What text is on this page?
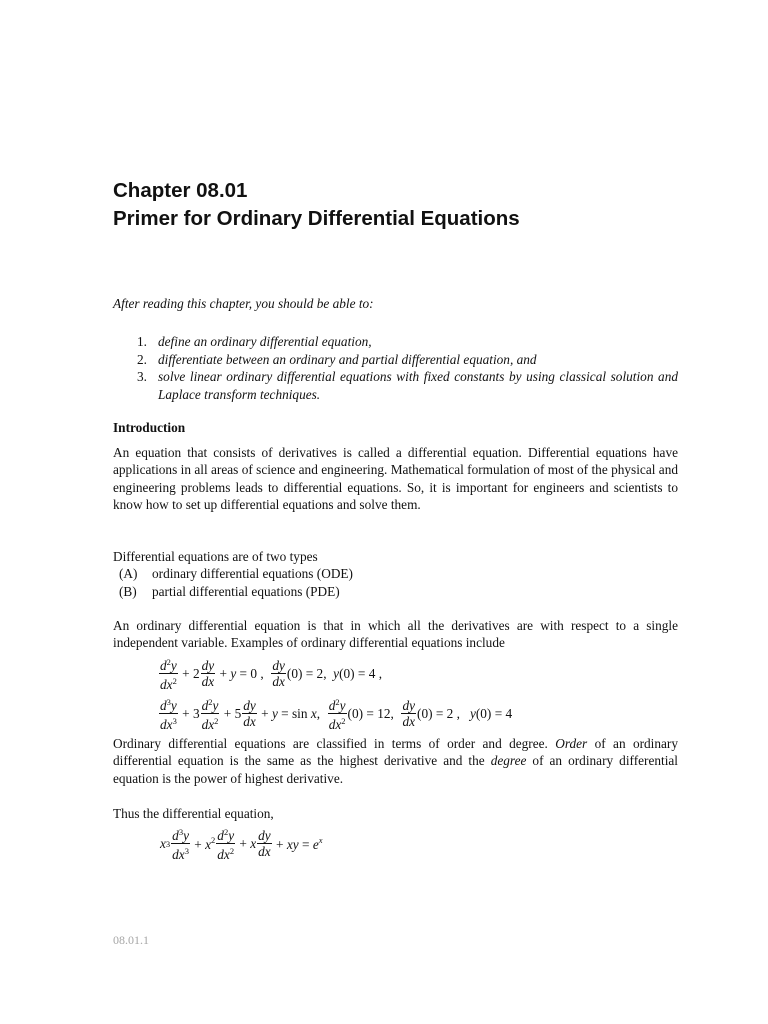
Chapter 08.01
Primer for Ordinary Differential Equations
After reading this chapter, you should be able to:
1. define an ordinary differential equation,
2. differentiate between an ordinary and partial differential equation, and
3. solve linear ordinary differential equations with fixed constants by using classical solution and Laplace transform techniques.
Introduction

An equation that consists of derivatives is called a differential equation. Differential equations have applications in all areas of science and engineering. Mathematical formulation of most of the physical and engineering problems leads to differential equations. So, it is important for engineers and scientists to know how to set up differential equations and solve them.

Differential equations are of two types
(A) ordinary differential equations (ODE)
(B) partial differential equations (PDE)

An ordinary differential equation is that in which all the derivatives are with respect to a single independent variable. Examples of ordinary differential equations include

$\frac{d^2y}{dx^2} + 2 \frac{dy}{dx} + y = 0$ , $\frac{dy}{dx} (0) = 2$,  y(0) = 4 ,
$\frac{d^3y}{dx^3} + 3 \frac{d^2y}{dx^2} + 5 \frac{dy}{dx} + y = \sin x$, $\frac{d^2y}{dx^2} (0) = 12$, $\frac{dy}{dx} (0) = 2$ ,   y(0) = 4

Ordinary differential equations are classified in terms of order and degree. Order of an ordinary differential equation is the same as the highest derivative and the degree of an ordinary differential equation is the power of highest derivative.

Thus the differential equation,

x $3 \frac{d^3y}{dx^3} + x^2 \frac{d^2y}{dx^2} + x \frac{dy}{dx}$ + xy = $e^x$
08.01.1
